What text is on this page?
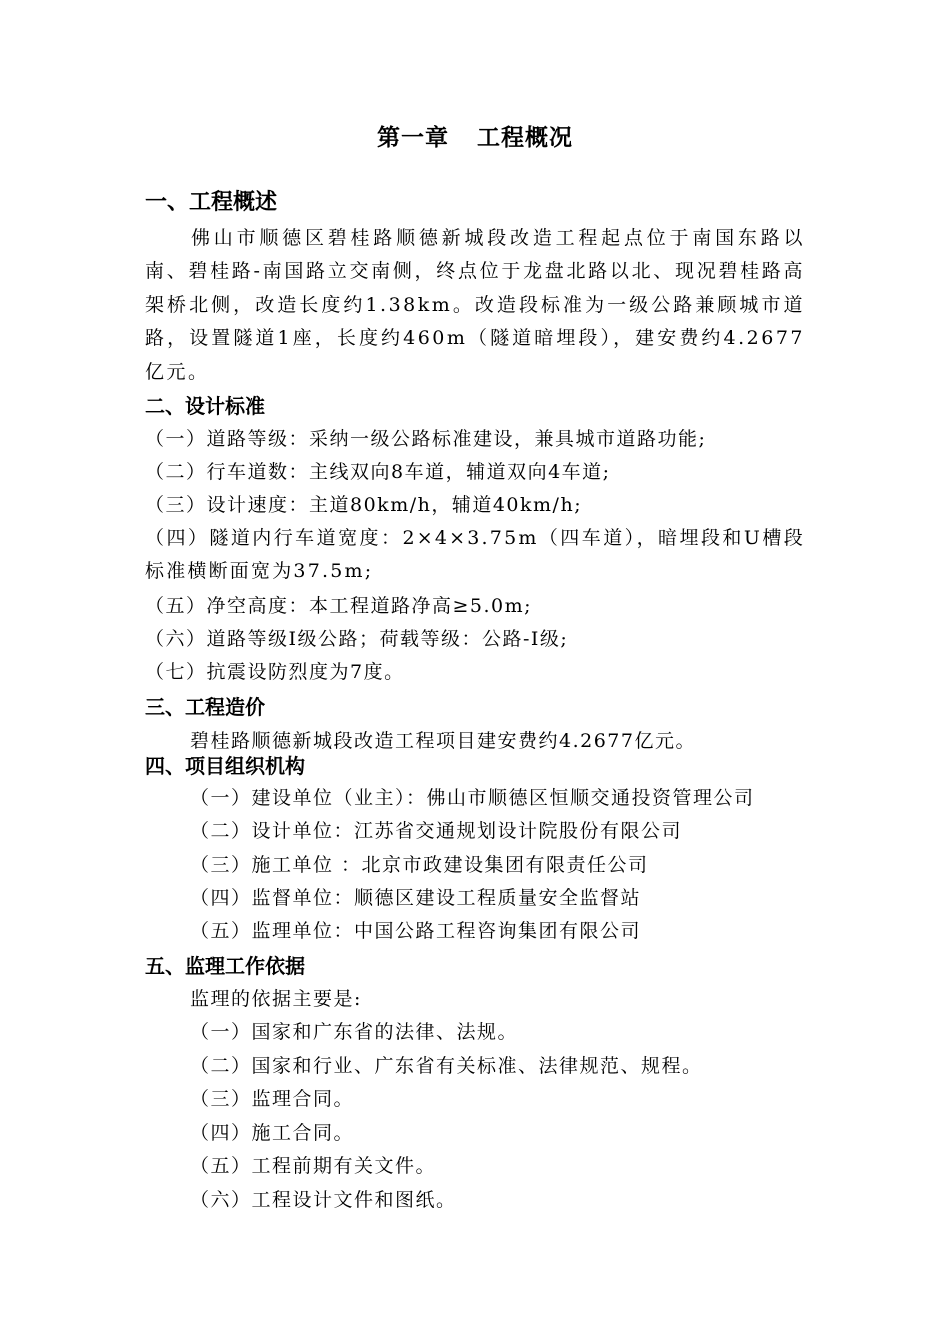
第一章 工程概况
一、工程概述
佛山市顺德区碧桂路顺德新城段改造工程起点位于南国东路以南、碧桂路-南国路立交南侧，终点位于龙盘北路以北、现况碧桂路高架桥北侧，改造长度约1.38km。改造段标准为一级公路兼顾城市道路，设置隧道1座，长度约460m（隧道暗埋段），建安费约4.2677亿元。
二、设计标准
（一）道路等级：采纳一级公路标准建设，兼具城市道路功能;
（二）行车道数：主线双向8车道，辅道双向4车道;
（三）设计速度：主道80km/h，辅道40km/h;
（四）隧道内行车道宽度：2×4×3.75m（四车道），暗埋段和U槽段标准横断面宽为37.5m;
（五）净空高度：本工程道路净高≥5.0m;
（六）道路等级Ⅰ级公路；荷载等级：公路-Ⅰ级;
（七）抗震设防烈度为7度。
三、工程造价
碧桂路顺德新城段改造工程项目建安费约4.2677亿元。
四、项目组织机构
（一）建设单位（业主）：佛山市顺德区恒顺交通投资管理公司
（二）设计单位：江苏省交通规划设计院股份有限公司
（三）施工单位 ：北京市政建设集团有限责任公司
（四）监督单位：顺德区建设工程质量安全监督站
（五）监理单位：中国公路工程咨询集团有限公司
五、监理工作依据
监理的依据主要是:
（一）国家和广东省的法律、法规。
（二）国家和行业、广东省有关标准、法律规范、规程。
（三）监理合同。
（四）施工合同。
（五）工程前期有关文件。
（六）工程设计文件和图纸。
